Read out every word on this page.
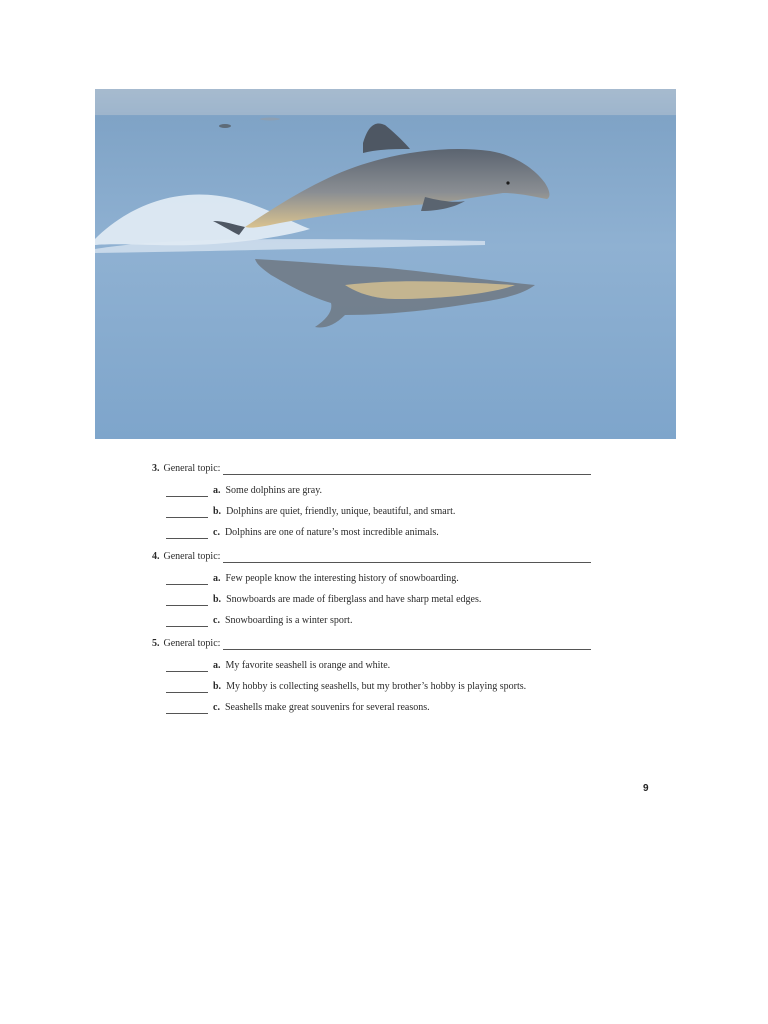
3. General topic:
a. Some dolphins are gray.
b. Dolphins are quiet, friendly, unique, beautiful, and smart.
c. Dolphins are one of nature’s most incredible animals.
4. General topic:
a. Few people know the interesting history of snowboarding.
b. Snowboards are made of fiberglass and have sharp metal edges.
c. Snowboarding is a winter sport.
5. General topic:
a. My favorite seashell is orange and white.
b. My hobby is collecting seashells, but my brother’s hobby is playing sports.
c. Seashells make great souvenirs for several reasons.
9
